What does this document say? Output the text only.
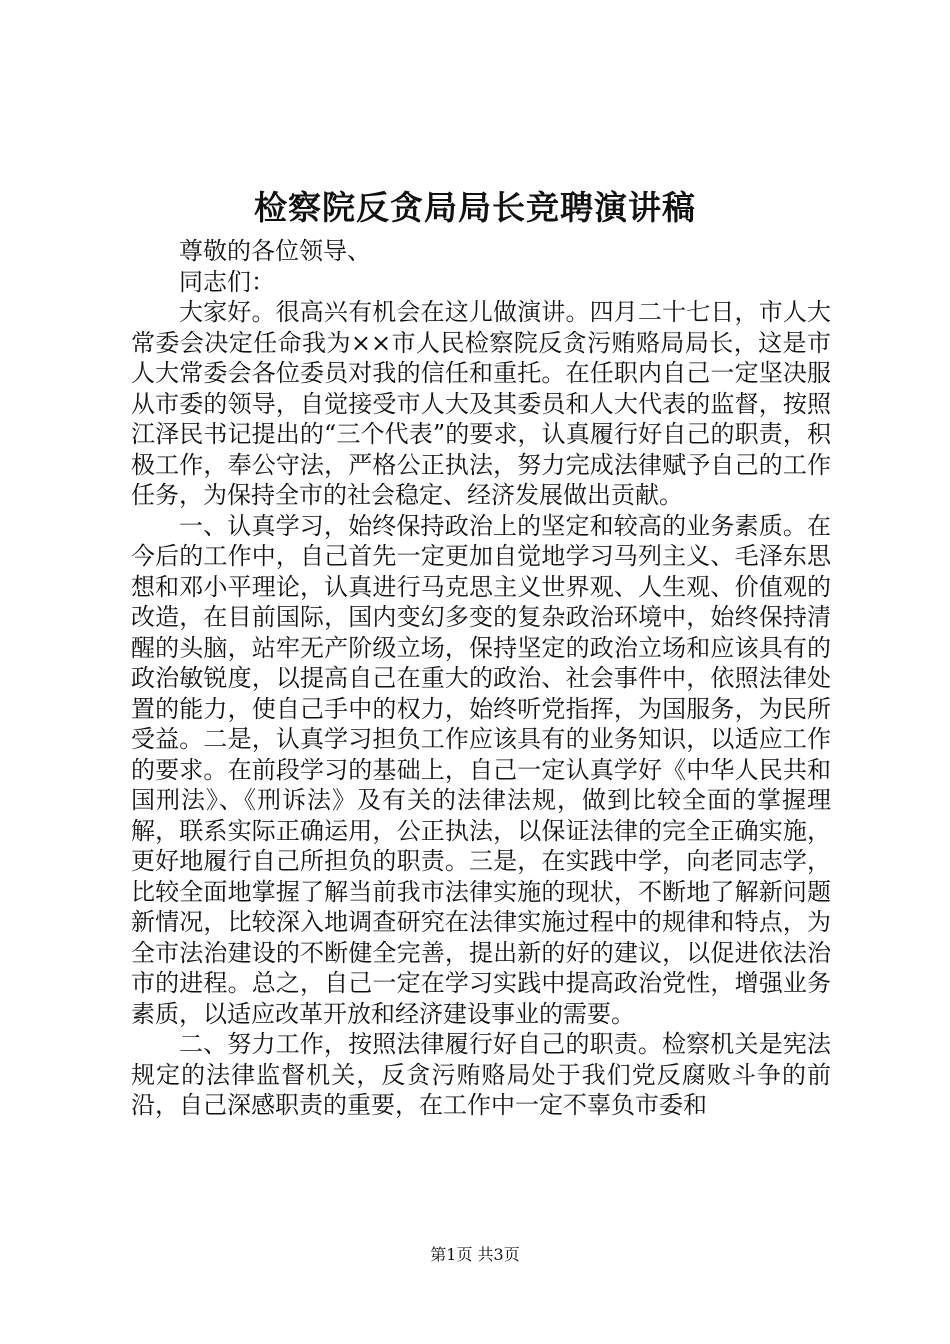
检察院反贪局局长竞聘演讲稿

尊敬的各位领导、

同志们：

大家好。很高兴有机会在这儿做演讲。四月二十七日，市人大常委会决定任命我为××市人民检察院反贪污贿赂局局长，这是市人大常委会各位委员对我的信任和重托。在任职内自己一定坚决服从市委的领导，自觉接受市人大及其委员和人大代表的监督，按照江泽民书记提出的“三个代表”的要求，认真履行好自己的职责，积极工作，奉公守法，严格公正执法，努力完成法律赋予自己的工作任务，为保持全市的社会稳定、经济发展做出贡献。

一、认真学习，始终保持政治上的坚定和较高的业务素质。在今后的工作中，自己首先一定更加自觉地学习马列主义、毛泽东思想和邓小平理论，认真进行马克思主义世界观、人生观、价值观的改造，在目前国际，国内变幻多变的复杂政治环境中，始终保持清醒的头脑，站牢无产阶级立场，保持坚定的政治立场和应该具有的政治敏锐度，以提高自己在重大的政治、社会事件中，依照法律处置的能力，使自己手中的权力，始终听党指挥，为国服务，为民所受益。二是，认真学习担负工作应该具有的业务知识，以适应工作的要求。在前段学习的基础上，自己一定认真学好《中华人民共和国刑法》、《刑诉法》及有关的法律法规，做到比较全面的掌握理解，联系实际正确运用，公正执法，以保证法律的完全正确实施，更好地履行自己所担负的职责。三是，在实践中学，向老同志学，比较全面地掌握了解当前我市法律实施的现状，不断地了解新问题新情况，比较深入地调查研究在法律实施过程中的规律和特点，为全市法治建设的不断健全完善，提出新的好的建议，以促进依法治市的进程。总之，自己一定在学习实践中提高政治党性，增强业务素质，以适应改革开放和经济建设事业的需要。

二、努力工作，按照法律履行好自己的职责。检察机关是宪法规定的法律监督机关，反贪污贿赂局处于我们党反腐败斗争的前沿，自己深感职责的重要，在工作中一定不辜负市委和

第1页 共3页
